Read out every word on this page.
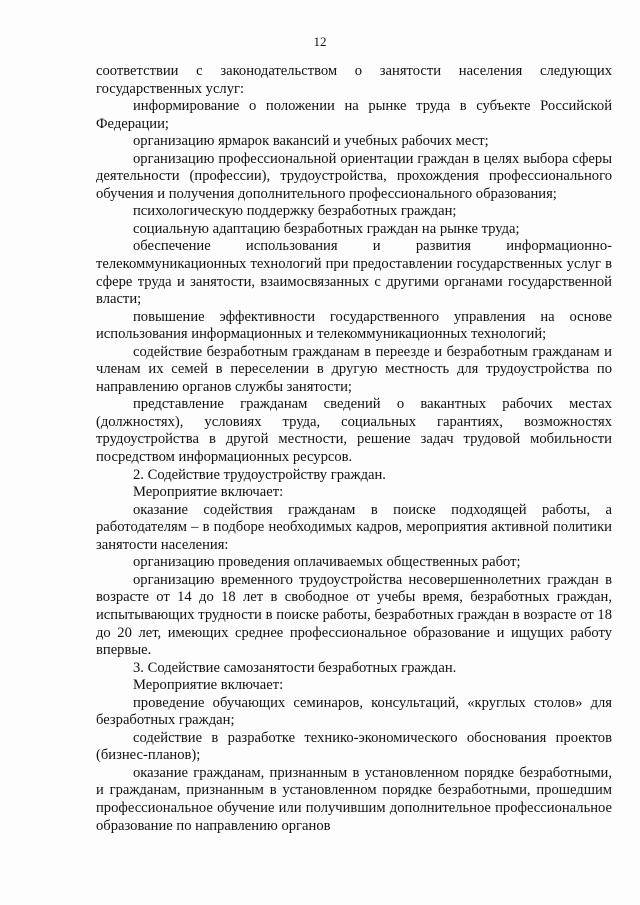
12

соответствии с законодательством о занятости населения следующих государственных услуг:

информирование о положении на рынке труда в субъекте Российской Федерации;

организацию ярмарок вакансий и учебных рабочих мест;

организацию профессиональной ориентации граждан в целях выбора сферы деятельности (профессии), трудоустройства, прохождения профессионального обучения и получения дополнительного профессионального образования;

психологическую поддержку безработных граждан;

социальную адаптацию безработных граждан на рынке труда;

обеспечение использования и развития информационно-телекоммуникационных технологий при предоставлении государственных услуг в сфере труда и занятости, взаимосвязанных с другими органами государственной власти;

повышение эффективности государственного управления на основе использования информационных и телекоммуникационных технологий;

содействие безработным гражданам в переезде и безработным гражданам и членам их семей в переселении в другую местность для трудоустройства по направлению органов службы занятости;

представление гражданам сведений о вакантных рабочих местах (должностях), условиях труда, социальных гарантиях, возможностях трудоустройства в другой местности, решение задач трудовой мобильности посредством информационных ресурсов.

2. Содействие трудоустройству граждан.

Мероприятие включает:

оказание содействия гражданам в поиске подходящей работы, а работодателям – в подборе необходимых кадров, мероприятия активной политики занятости населения:

организацию проведения оплачиваемых общественных работ;

организацию временного трудоустройства несовершеннолетних граждан в возрасте от 14 до 18 лет в свободное от учебы время, безработных граждан, испытывающих трудности в поиске работы, безработных граждан в возрасте от 18 до 20 лет, имеющих среднее профессиональное образование и ищущих работу впервые.

3. Содействие самозанятости безработных граждан.

Мероприятие включает:

проведение обучающих семинаров, консультаций, «круглых столов» для безработных граждан;

содействие в разработке технико-экономического обоснования проектов (бизнес-планов);

оказание гражданам, признанным в установленном порядке безработными, и гражданам, признанным в установленном порядке безработными, прошедшим профессиональное обучение или получившим дополнительное профессиональное образование по направлению органов
